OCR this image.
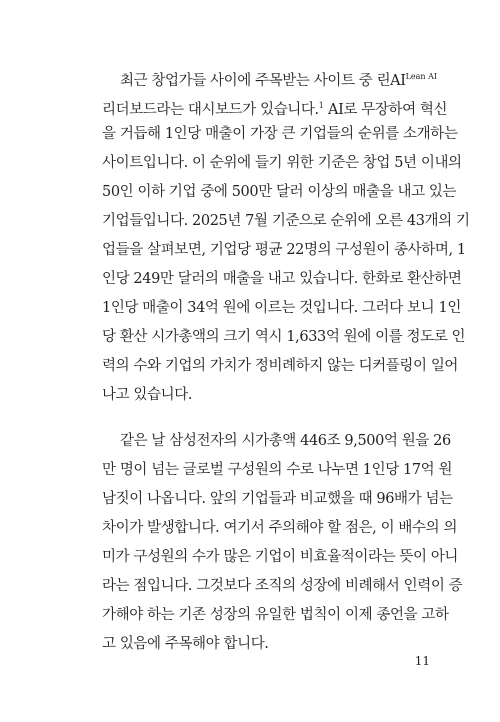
최근 창업가들 사이에 주목받는 사이트 중 린$AI^{Lean AI}$
리더보드라는 대시보드가 있습니다.$^1$ AI로 무장하여 혁신
을 거듭해 1인당 매출이 가장 큰 기업들의 순위를 소개하는
사이트입니다. 이 순위에 들기 위한 기준은 창업 5년 이내의
50인 이하 기업 중에 500만 달러 이상의 매출을 내고 있는
기업들입니다. 2025년 7월 기준으로 순위에 오른 43개의 기
업들을 살펴보면, 기업당 평균 22명의 구성원이 종사하며, 1
인당 249만 달러의 매출을 내고 있습니다. 한화로 환산하면
1인당 매출이 34억 원에 이르는 것입니다. 그러다 보니 1인
당 환산 시가총액의 크기 역시 1,633억 원에 이를 정도로 인
력의 수와 기업의 가치가 정비례하지 않는 디커플링이 일어
나고 있습니다.
같은 날 삼성전자의 시가총액 446조 9,500억 원을 26
만 명이 넘는 글로벌 구성원의 수로 나누면 1인당 17억 원
남짓이 나옵니다. 앞의 기업들과 비교했을 때 96배가 넘는
차이가 발생합니다. 여기서 주의해야 할 점은, 이 배수의 의
미가 구성원의 수가 많은 기업이 비효율적이라는 뜻이 아니
라는 점입니다. 그것보다 조직의 성장에 비례해서 인력이 증
가해야 하는 기존 성장의 유일한 법칙이 이제 종언을 고하
고 있음에 주목해야 합니다.
11
